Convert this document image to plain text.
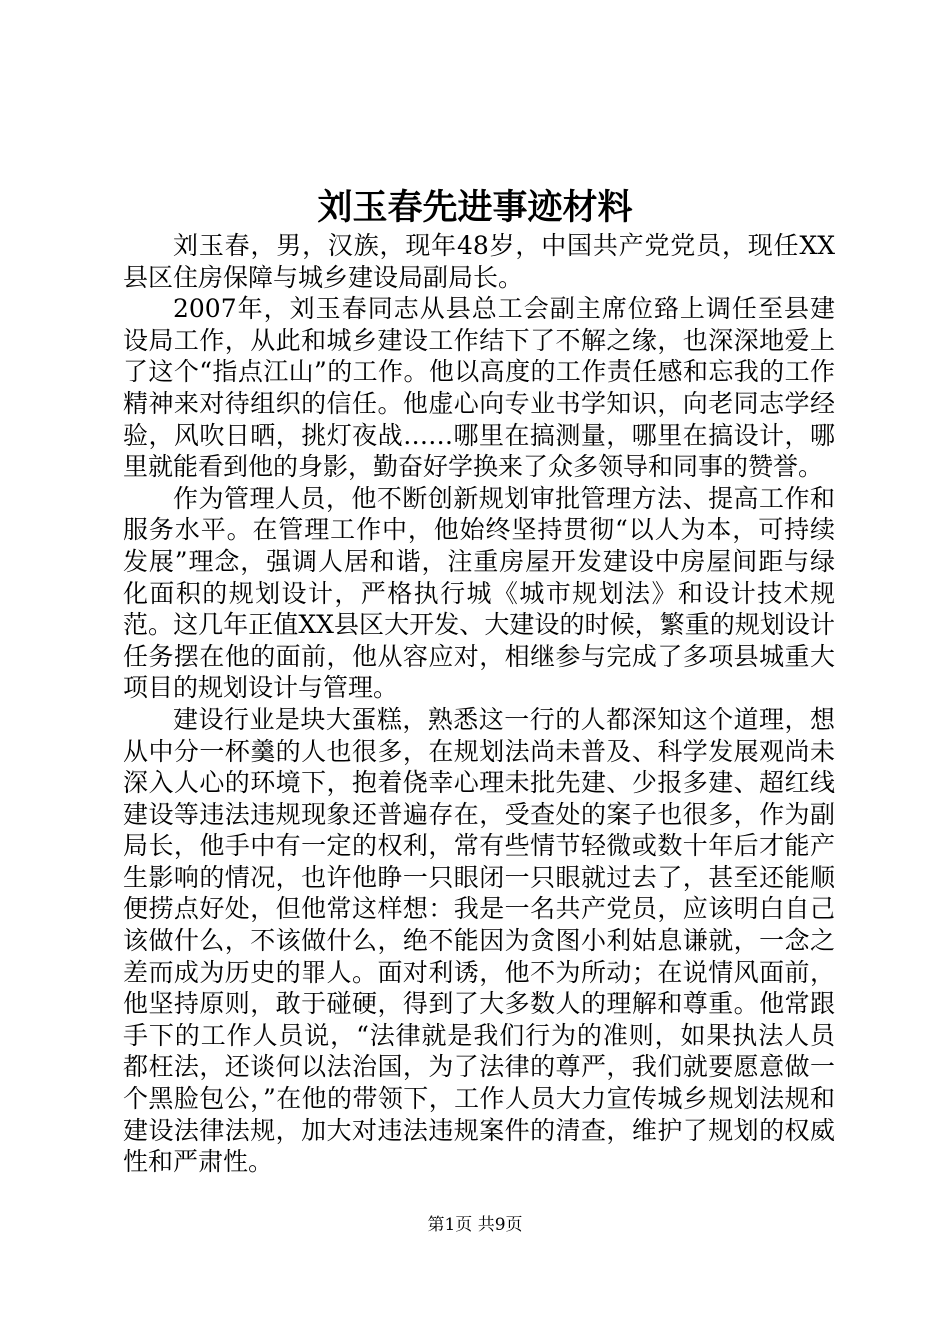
刘玉春先进事迹材料

刘玉春，男，汉族，现年48岁，中国共产党党员，现任XX县区住房保障与城乡建设局副局长。

2007年，刘玉春同志从县总工会副主席位臵上调任至县建设局工作，从此和城乡建设工作结下了不解之缘，也深深地爱上了这个“指点江山”的工作。他以高度的工作责任感和忘我的工作精神来对待组织的信任。他虚心向专业书学知识，向老同志学经验，风吹日晒，挑灯夜战……哪里在搞测量，哪里在搞设计，哪里就能看到他的身影，勤奋好学换来了众多领导和同事的赞誉。

作为管理人员，他不断创新规划审批管理方法、提高工作和服务水平。在管理工作中，他始终坚持贯彻“以人为本，可持续发展”理念，强调人居和谐，注重房屋开发建设中房屋间距与绿化面积的规划设计，严格执行城《城市规划法》和设计技术规范。这几年正值XX县区大开发、大建设的时候，繁重的规划设计任务摆在他的面前，他从容应对，相继参与完成了多项县城重大项目的规划设计与管理。

建设行业是块大蛋糕，熟悉这一行的人都深知这个道理，想从中分一杯羹的人也很多，在规划法尚未普及、科学发展观尚未深入人心的环境下，抱着侥幸心理未批先建、少报多建、超红线建设等违法违规现象还普遍存在，受查处的案子也很多，作为副局长，他手中有一定的权利，常有些情节轻微或数十年后才能产生影响的情况，也许他睁一只眼闭一只眼就过去了，甚至还能顺便捞点好处，但他常这样想：我是一名共产党员，应该明白自己该做什么，不该做什么，绝不能因为贪图小利姑息谦就，一念之差而成为历史的罪人。面对利诱，他不为所动；在说情风面前，他坚持原则，敢于碰硬，得到了大多数人的理解和尊重。他常跟手下的工作人员说，“法律就是我们行为的准则，如果执法人员都枉法，还谈何以法治国，为了法律的尊严，我们就要愿意做一个黑脸包公，”在他的带领下，工作人员大力宣传城乡规划法规和建设法律法规，加大对违法违规案件的清查，维护了规划的权威性和严肃性。

第1页 共9页
